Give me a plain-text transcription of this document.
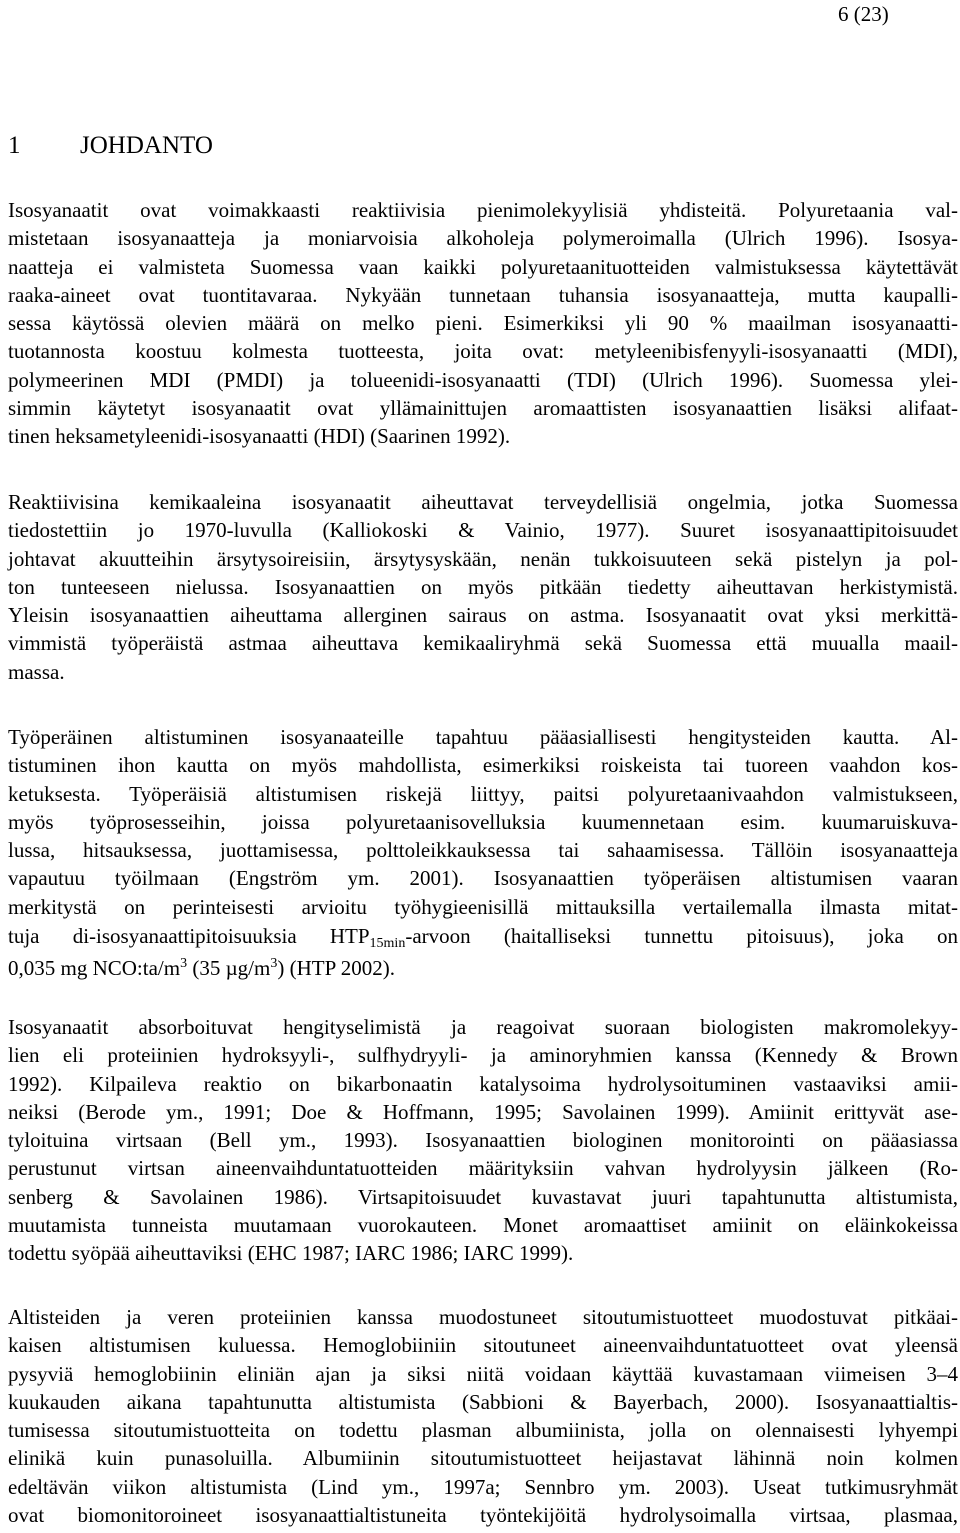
6 (23)
1 JOHDANTO
Isosyanaatit ovat voimakkaasti reaktiivisia pienimolekyylisiä yhdisteitä. Polyuretaania val-
mistetaan isosyanaatteja ja moniarvoisia alkoholeja polymeroimalla (Ulrich 1996). Isosya-
naatteja ei valmisteta Suomessa vaan kaikki polyuretaanituotteiden valmistuksessa käytettävät
raaka-aineet ovat tuontitavaraa. Nykyään tunnetaan tuhansia isosyanaatteja, mutta kaupalli-
sessa käytössä olevien määrä on melko pieni. Esimerkiksi yli 90 % maailman isosyanaatti-
tuotannosta koostuu kolmesta tuotteesta, joita ovat: metyleenibisfenyyli-isosyanaatti (MDI),
polymeerinen MDI (PMDI) ja tolueenidi-isosyanaatti (TDI) (Ulrich 1996). Suomessa ylei-
simmin käytetyt isosyanaatit ovat yllämainittujen aromaattisten isosyanaattien lisäksi alifaat-
tinen heksametyleenidi-isosyanaatti (HDI) (Saarinen 1992).
Reaktiivisina kemikaaleina isosyanaatit aiheuttavat terveydellisiä ongelmia, jotka Suomessa
tiedostettiin jo 1970-luvulla (Kalliokoski & Vainio, 1977). Suuret isosyanaattipitoisuudet
johtavat akuutteihin ärsytysoireisiin, ärsytysyskään, nenän tukkoisuuteen sekä pistelyn ja pol-
ton tunteeseen nielussa. Isosyanaattien on myös pitkään tiedetty aiheuttavan herkistymistä.
Yleisin isosyanaattien aiheuttama allerginen sairaus on astma. Isosyanaatit ovat yksi merkittä-
vimmistä työperäistä astmaa aiheuttava kemikaaliryhmä sekä Suomessa että muualla maail-
massa.
Työperäinen altistuminen isosyanaateille tapahtuu pääasiallisesti hengitysteiden kautta. Al-
tistuminen ihon kautta on myös mahdollista, esimerkiksi roiskeista tai tuoreen vaahdon kos-
ketuksesta. Työperäisiä altistumisen riskejä liittyy, paitsi polyuretaanivaahdon valmistukseen,
myös työprosesseihin, joissa polyuretaanisovelluksia kuumennetaan esim. kuumaruiskuva-
lussa, hitsauksessa, juottamisessa, polttoleikkauksessa tai sahaamisessa. Tällöin isosyanaatteja
vapautuu työilmaan (Engström ym. 2001). Isosyanaattien työperäisen altistumisen vaaran
merkitystä on perinteisesti arvioitu työhygieenisillä mittauksilla vertailemalla ilmasta mitat-
tuja di-isosyanaattipitoisuuksia $HTP_{15min}$-arvoon (haitalliseksi tunnettu pitoisuus), joka on
0,035 mg $NCO:ta/m^3$ (35 $\mu g/m^3$) (HTP 2002).
Isosyanaatit absorboituvat hengityselimistä ja reagoivat suoraan biologisten makromolekyy-
lien eli proteiinien hydroksyyli-, sulfhydryyli- ja aminoryhmien kanssa (Kennedy & Brown
1992). Kilpaileva reaktio on bikarbonaatin katalysoima hydrolysoituminen vastaaviksi amii-
neiksi (Berode ym., 1991; Doe & Hoffmann, 1995; Savolainen 1999). Amiinit erittyvät ase-
tyloituina virtsaan (Bell ym., 1993). Isosyanaattien biologinen monitorointi on pääasiassa
perustunut virtsan aineenvaihduntatuotteiden määrityksiin vahvan hydrolyysin jälkeen (Ro-
senberg & Savolainen 1986). Virtsapitoisuudet kuvastavat juuri tapahtunutta altistumista,
muutamista tunneista muutamaan vuorokauteen. Monet aromaattiset amiinit on eläinkokeissa
todettu syöpää aiheuttaviksi (EHC 1987; IARC 1986; IARC 1999).
Altisteiden ja veren proteiinien kanssa muodostuneet sitoutumistuotteet muodostuvat pitkäai-
kaisen altistumisen kuluessa. Hemoglobiiniin sitoutuneet aineenvaihduntatuotteet ovat yleensä
pysyviä hemoglobiinin eliniän ajan ja siksi niitä voidaan käyttää kuvastamaan viimeisen 3–4
kuukauden aikana tapahtunutta altistumista (Sabbioni & Bayerbach, 2000). Isosyanaattialtis-
tumisessa sitoutumistuotteita on todettu plasman albumiinista, jolla on olennaisesti lyhyempi
elinikä kuin punasoluilla. Albumiinin sitoutumistuotteet heijastavat lähinnä noin kolmen
edeltävän viikon altistumista (Lind ym., 1997a; Sennbro ym. 2003). Useat tutkimusryhmät
ovat biomonitoroineet isosyanaattialtistuneita työntekijöitä hydrolysoimalla virtsaa, plasmaa,
